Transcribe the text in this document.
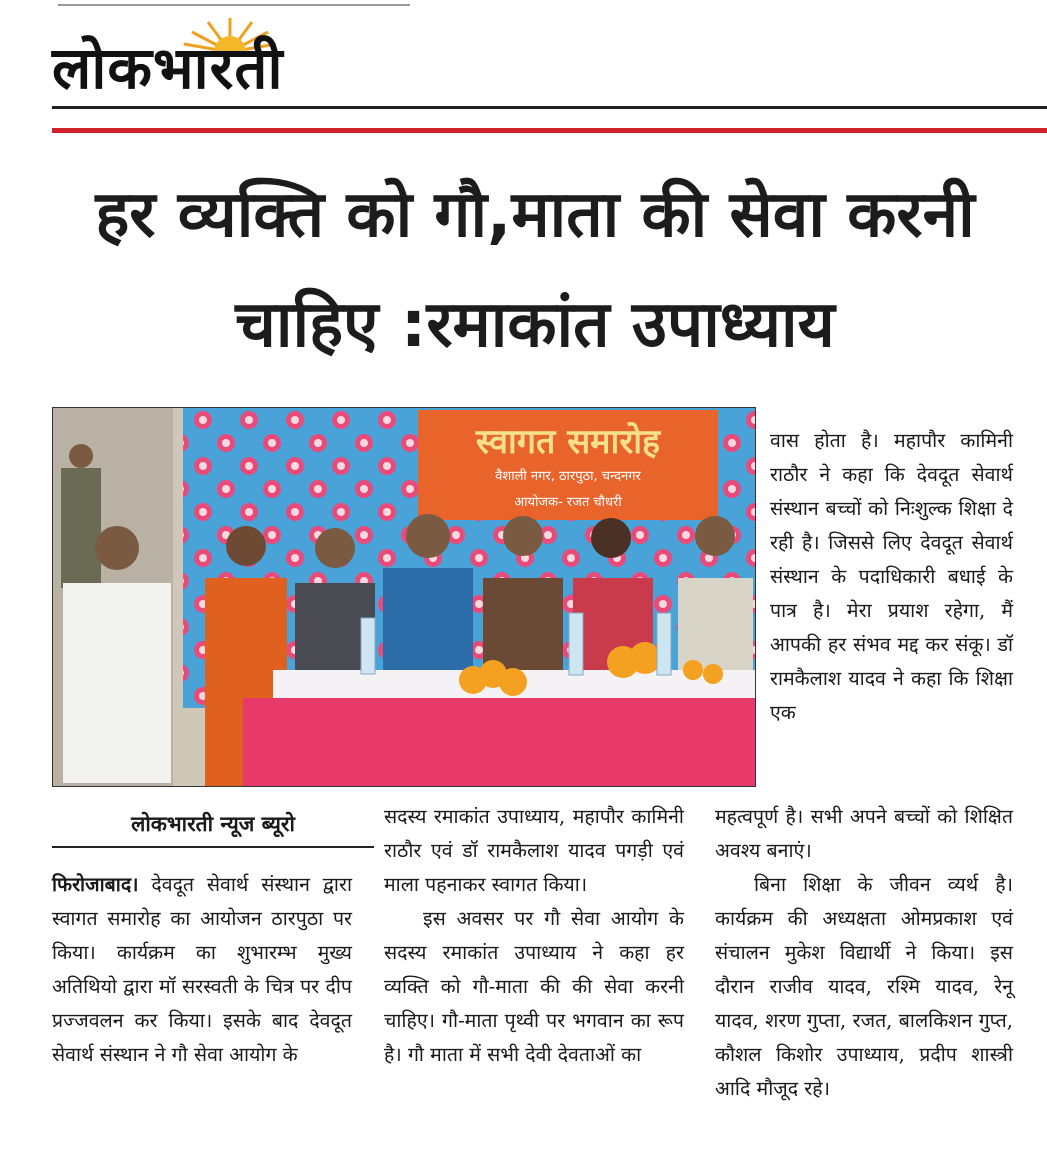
लोकभारती
हर व्यक्ति को गौ,माता की सेवा करनी
चाहिए :रमाकांत उपाध्याय
स्वागत समारोह
वैशाली नगर, ठारपुठा, चन्दनगर
आयोजक- रजत चौधरी
लोकभारती न्यूज ब्यूरो

फिरोजाबाद। देवदूत सेवार्थ संस्थान द्वारा स्वागत समारोह का आयोजन ठारपुठा पर किया। कार्यक्रम का शुभारम्भ मुख्य अतिथियो द्वारा मॉ सरस्वती के चित्र पर दीप प्रज्जवलन कर किया। इसके बाद देवदूत सेवार्थ संस्थान ने गौ सेवा आयोग के

सदस्य रमाकांत उपाध्याय, महापौर कामिनी राठौर एवं डॉ रामकैलाश यादव पगड़ी एवं माला पहनाकर स्वागत किया।

इस अवसर पर गौ सेवा आयोग के सदस्य रमाकांत उपाध्याय ने कहा हर व्यक्ति को गौ-माता की की सेवा करनी चाहिए। गौ-माता पृथ्वी पर भगवान का रूप है। गौ माता में सभी देवी देवताओं का

वास होता है। महापौर कामिनी राठौर ने कहा कि देवदूत सेवार्थ संस्थान बच्चों को निःशुल्क शिक्षा दे रही है। जिससे लिए देवदूत सेवार्थ संस्थान के पदाधिकारी बधाई के पात्र है। मेरा प्रयाश रहेगा, मैं आपकी हर संभव मद्द कर संकू। डॉ रामकैलाश यादव ने कहा कि शिक्षा एक

महत्वपूर्ण है। सभी अपने बच्चों को शिक्षित अवश्य बनाएं।

बिना शिक्षा के जीवन व्यर्थ है। कार्यक्रम की अध्यक्षता ओमप्रकाश एवं संचालन मुकेश विद्यार्थी ने किया। इस दौरान राजीव यादव, रश्मि यादव, रेनू यादव, शरण गुप्ता, रजत, बालकिशन गुप्त, कौशल किशोर उपाध्याय, प्रदीप शास्त्री आदि मौजूद रहे।
